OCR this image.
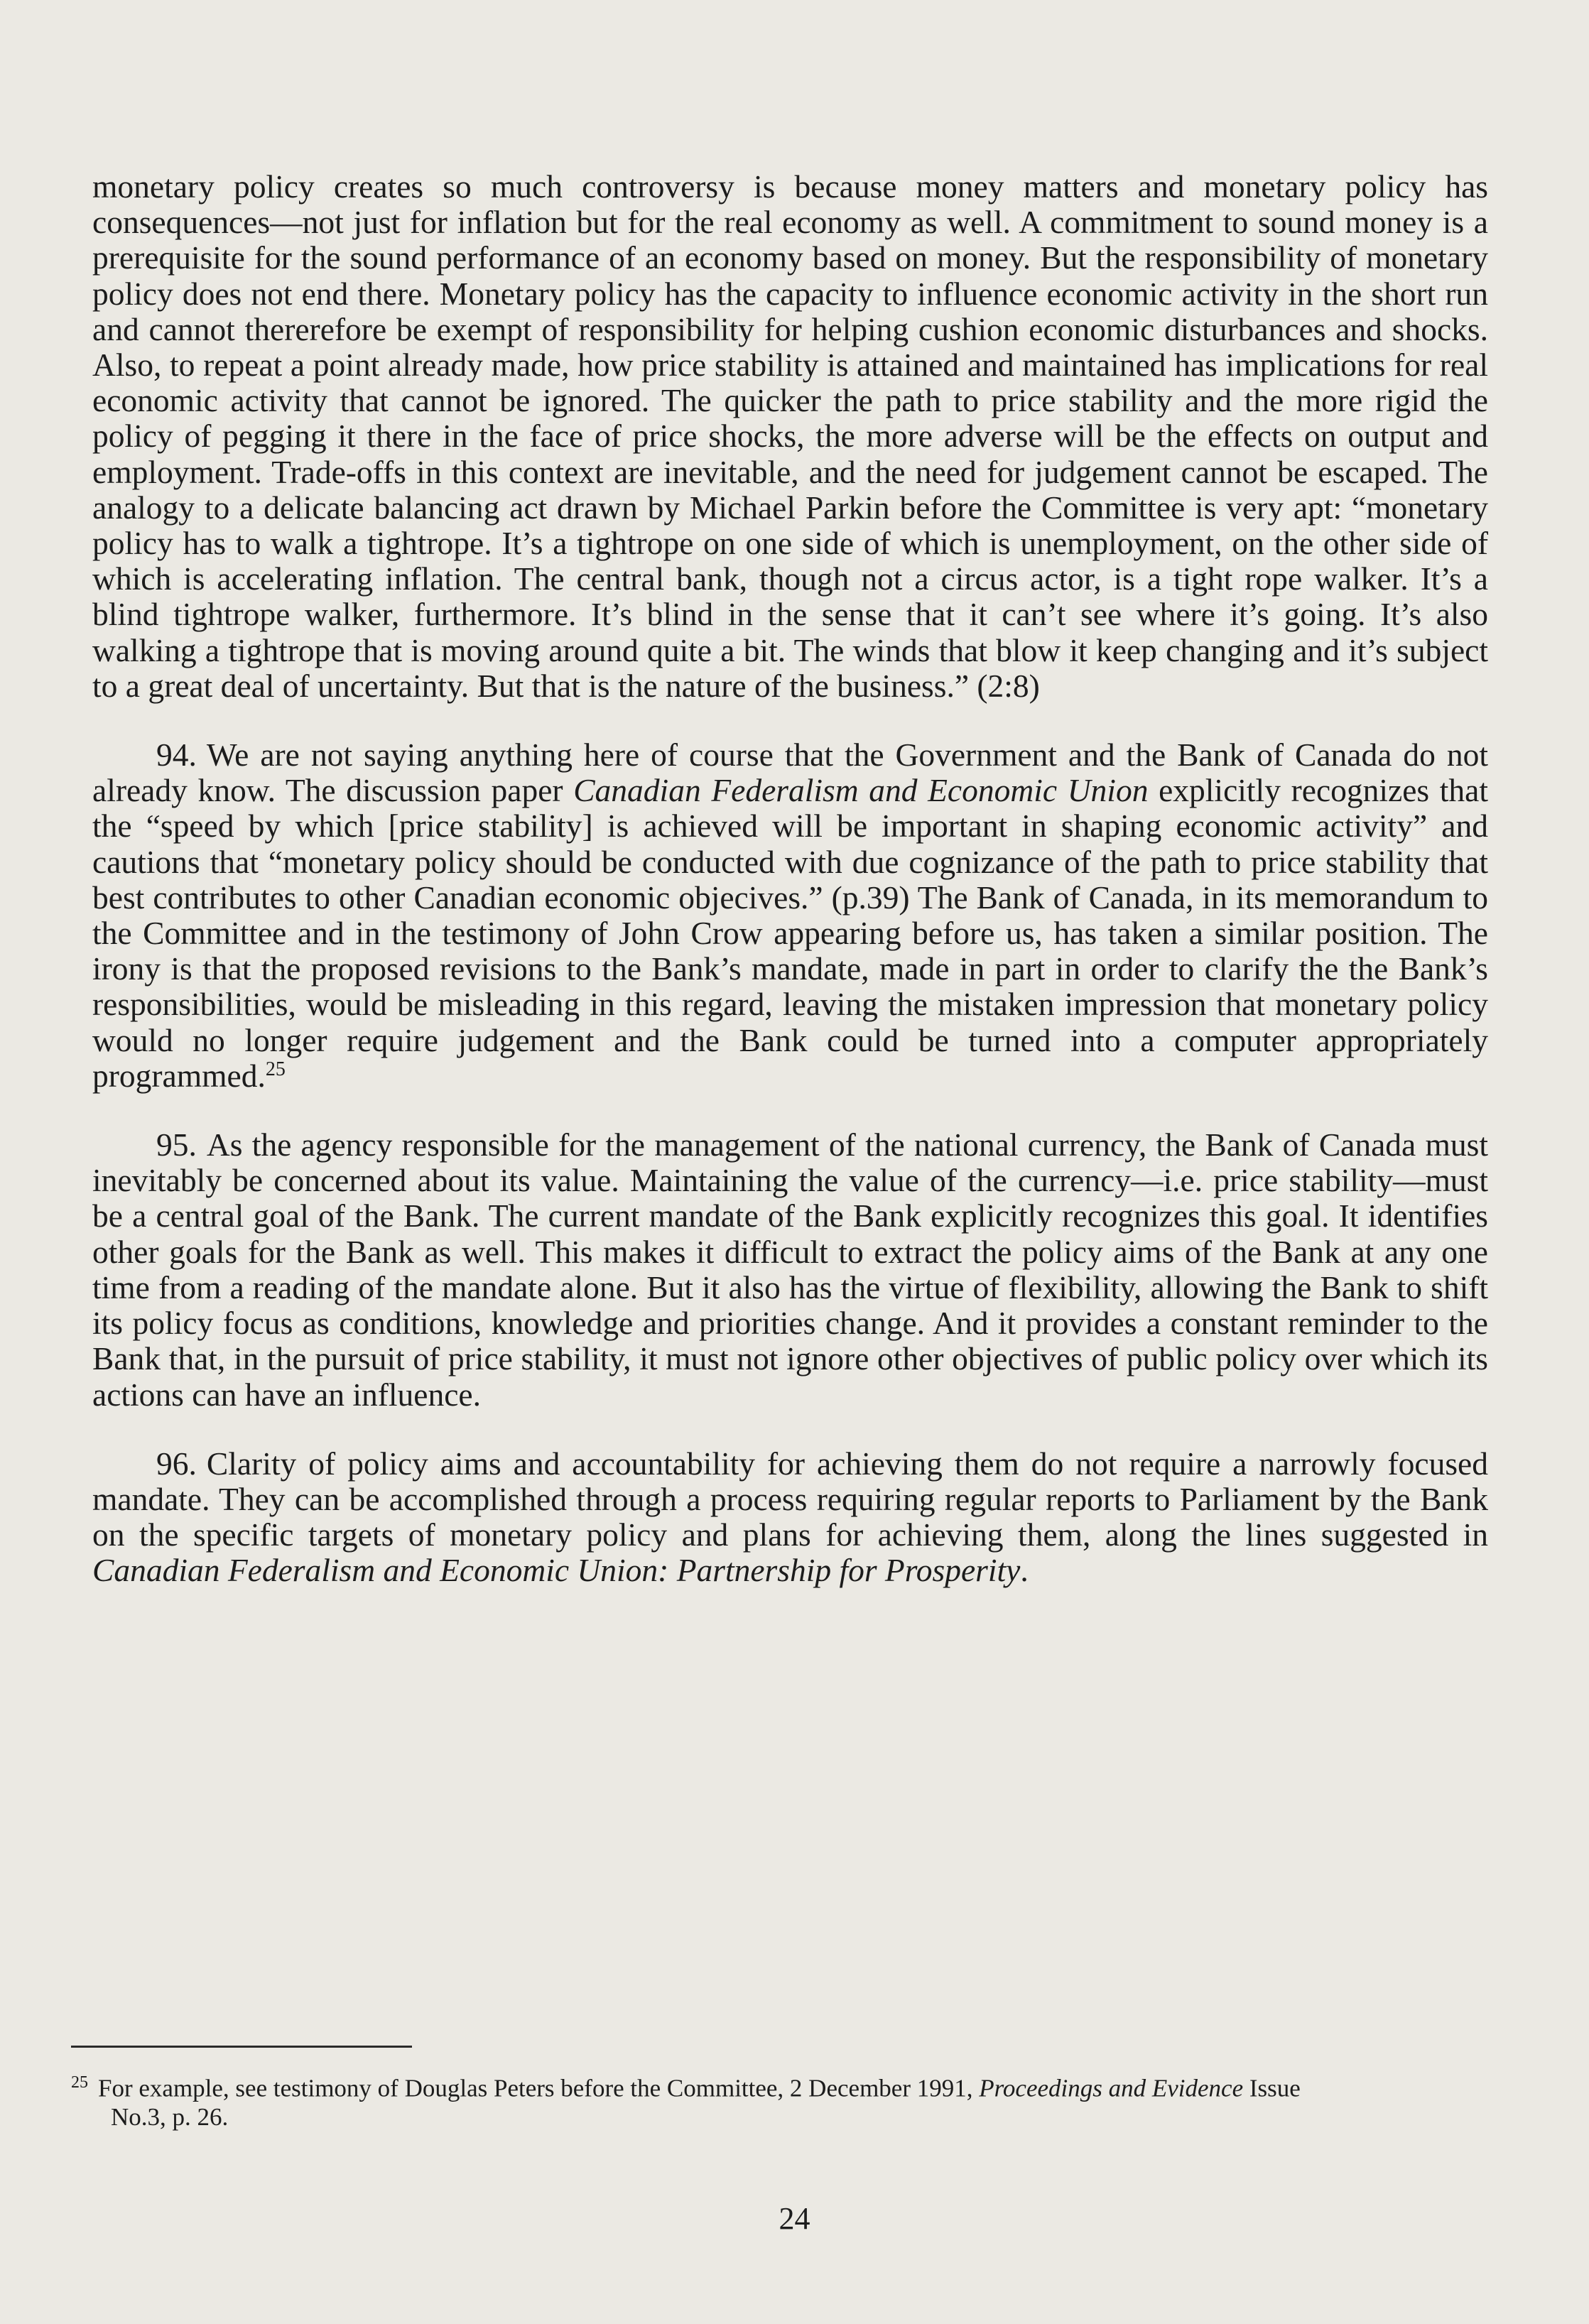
monetary policy creates so much controversy is because money matters and monetary policy has consequences—not just for inflation but for the real economy as well. A commitment to sound money is a prerequisite for the sound performance of an economy based on money. But the responsibility of monetary policy does not end there. Monetary policy has the capacity to influence economic activity in the short run and cannot thererefore be exempt of responsibility for helping cushion economic disturbances and shocks. Also, to repeat a point already made, how price stability is attained and maintained has implications for real economic activity that cannot be ignored. The quicker the path to price stability and the more rigid the policy of pegging it there in the face of price shocks, the more adverse will be the effects on output and employment. Trade-offs in this context are inevitable, and the need for judgement cannot be escaped. The analogy to a delicate balancing act drawn by Michael Parkin before the Committee is very apt: “monetary policy has to walk a tightrope. It’s a tightrope on one side of which is unemployment, on the other side of which is accelerating inflation. The central bank, though not a circus actor, is a tight rope walker. It’s a blind tightrope walker, furthermore. It’s blind in the sense that it can’t see where it’s going. It’s also walking a tightrope that is moving around quite a bit. The winds that blow it keep changing and it’s subject to a great deal of uncertainty. But that is the nature of the business.” (2:8)

94. We are not saying anything here of course that the Government and the Bank of Canada do not already know. The discussion paper Canadian Federalism and Economic Union explicitly recognizes that the “speed by which [price stability] is achieved will be important in shaping economic activity” and cautions that “monetary policy should be conducted with due cognizance of the path to price stability that best contributes to other Canadian economic objecives.” (p.39) The Bank of Canada, in its memorandum to the Committee and in the testimony of John Crow appearing before us, has taken a similar position. The irony is that the proposed revisions to the Bank’s mandate, made in part in order to clarify the the Bank’s responsibilities, would be misleading in this regard, leaving the mistaken impression that monetary policy would no longer require judgement and the Bank could be turned into a computer appropriately programmed.$^{25}$

95. As the agency responsible for the management of the national currency, the Bank of Canada must inevitably be concerned about its value. Maintaining the value of the currency—i.e. price stability—must be a central goal of the Bank. The current mandate of the Bank explicitly recognizes this goal. It identifies other goals for the Bank as well. This makes it difficult to extract the policy aims of the Bank at any one time from a reading of the mandate alone. But it also has the virtue of flexibility, allowing the Bank to shift its policy focus as conditions, knowledge and priorities change. And it provides a constant reminder to the Bank that, in the pursuit of price stability, it must not ignore other objectives of public policy over which its actions can have an influence.

96. Clarity of policy aims and accountability for achieving them do not require a narrowly focused mandate. They can be accomplished through a process requiring regular reports to Parliament by the Bank on the specific targets of monetary policy and plans for achieving them, along the lines suggested in Canadian Federalism and Economic Union: Partnership for Prosperity.

$^{25}$ For example, see testimony of Douglas Peters before the Committee, 2 December 1991, Proceedings and Evidence Issue
No.3, p. 26.
24
